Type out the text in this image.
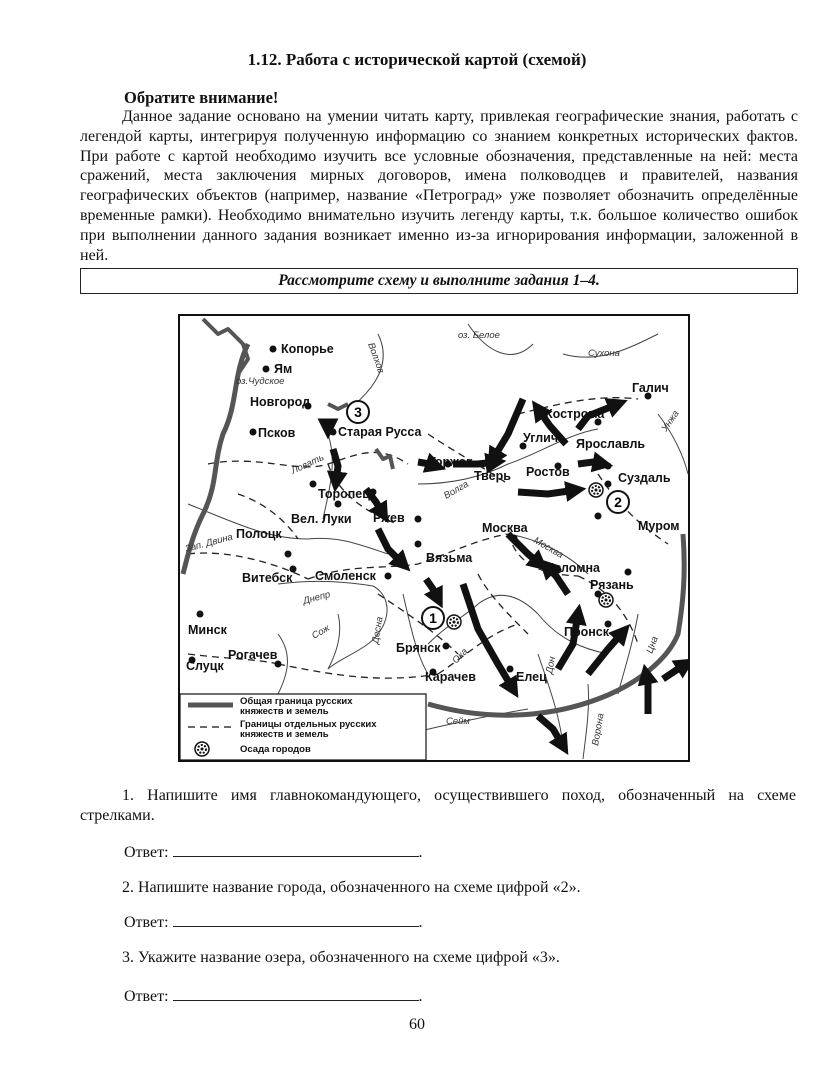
1.12. Работа с исторической картой (схемой)
Обратите внимание!
Данное задание основано на умении читать карту, привлекая географические знания, работать с легендой карты, интегрируя полученную информацию со знанием конкретных исторических фактов. При работе с картой необходимо изучить все условные обозначения, представленные на ней: места сражений, места заключения мирных договоров, имена полководцев и правителей, названия географических объектов (например, название «Петроград» уже позволяет обозначить определённые временные рамки). Необходимо внимательно изучить легенду карты, т.к. большое количество ошибок при выполнении данного задания возникает именно из-за игнорирования информации, заложенной в ней.
Рассмотрите схему и выполните задания 1–4.
3
2
1
Копорье
Ям
Новгород
Псков	Старая Русса
Торопец
Вел. Луки
Полоцк
Витебск Смоленск
Ржев
Вязьма
Торжок
Тверь
Углич
Ростов
Ярославль
Кострома
Галич
Суздаль
Москва
Коломна
Рязань
Муром
Пронск
Брянск
Карачев	Елец
Минск
Рогачев
Слуцк
оз.Чудское
оз. Белое
Сухона
Волхов
Ловать
Волга
Унжа
Зап. Двина
Днепр
Сож	Десна
Ока
Москва
Дон
Цна
Сейм	Ворона
Общая граница русских
княжеств и земель
Границы отдельных русских
княжеств и земель
Осада городов
1. Напишите имя главнокомандующего, осуществившего поход, обозначенный на схеме стрелками.
Ответ:	.
2. Напишите название города, обозначенного на схеме цифрой «2».
Ответ:	.
3. Укажите название озера, обозначенного на схеме цифрой «3».
Ответ:	.
60
